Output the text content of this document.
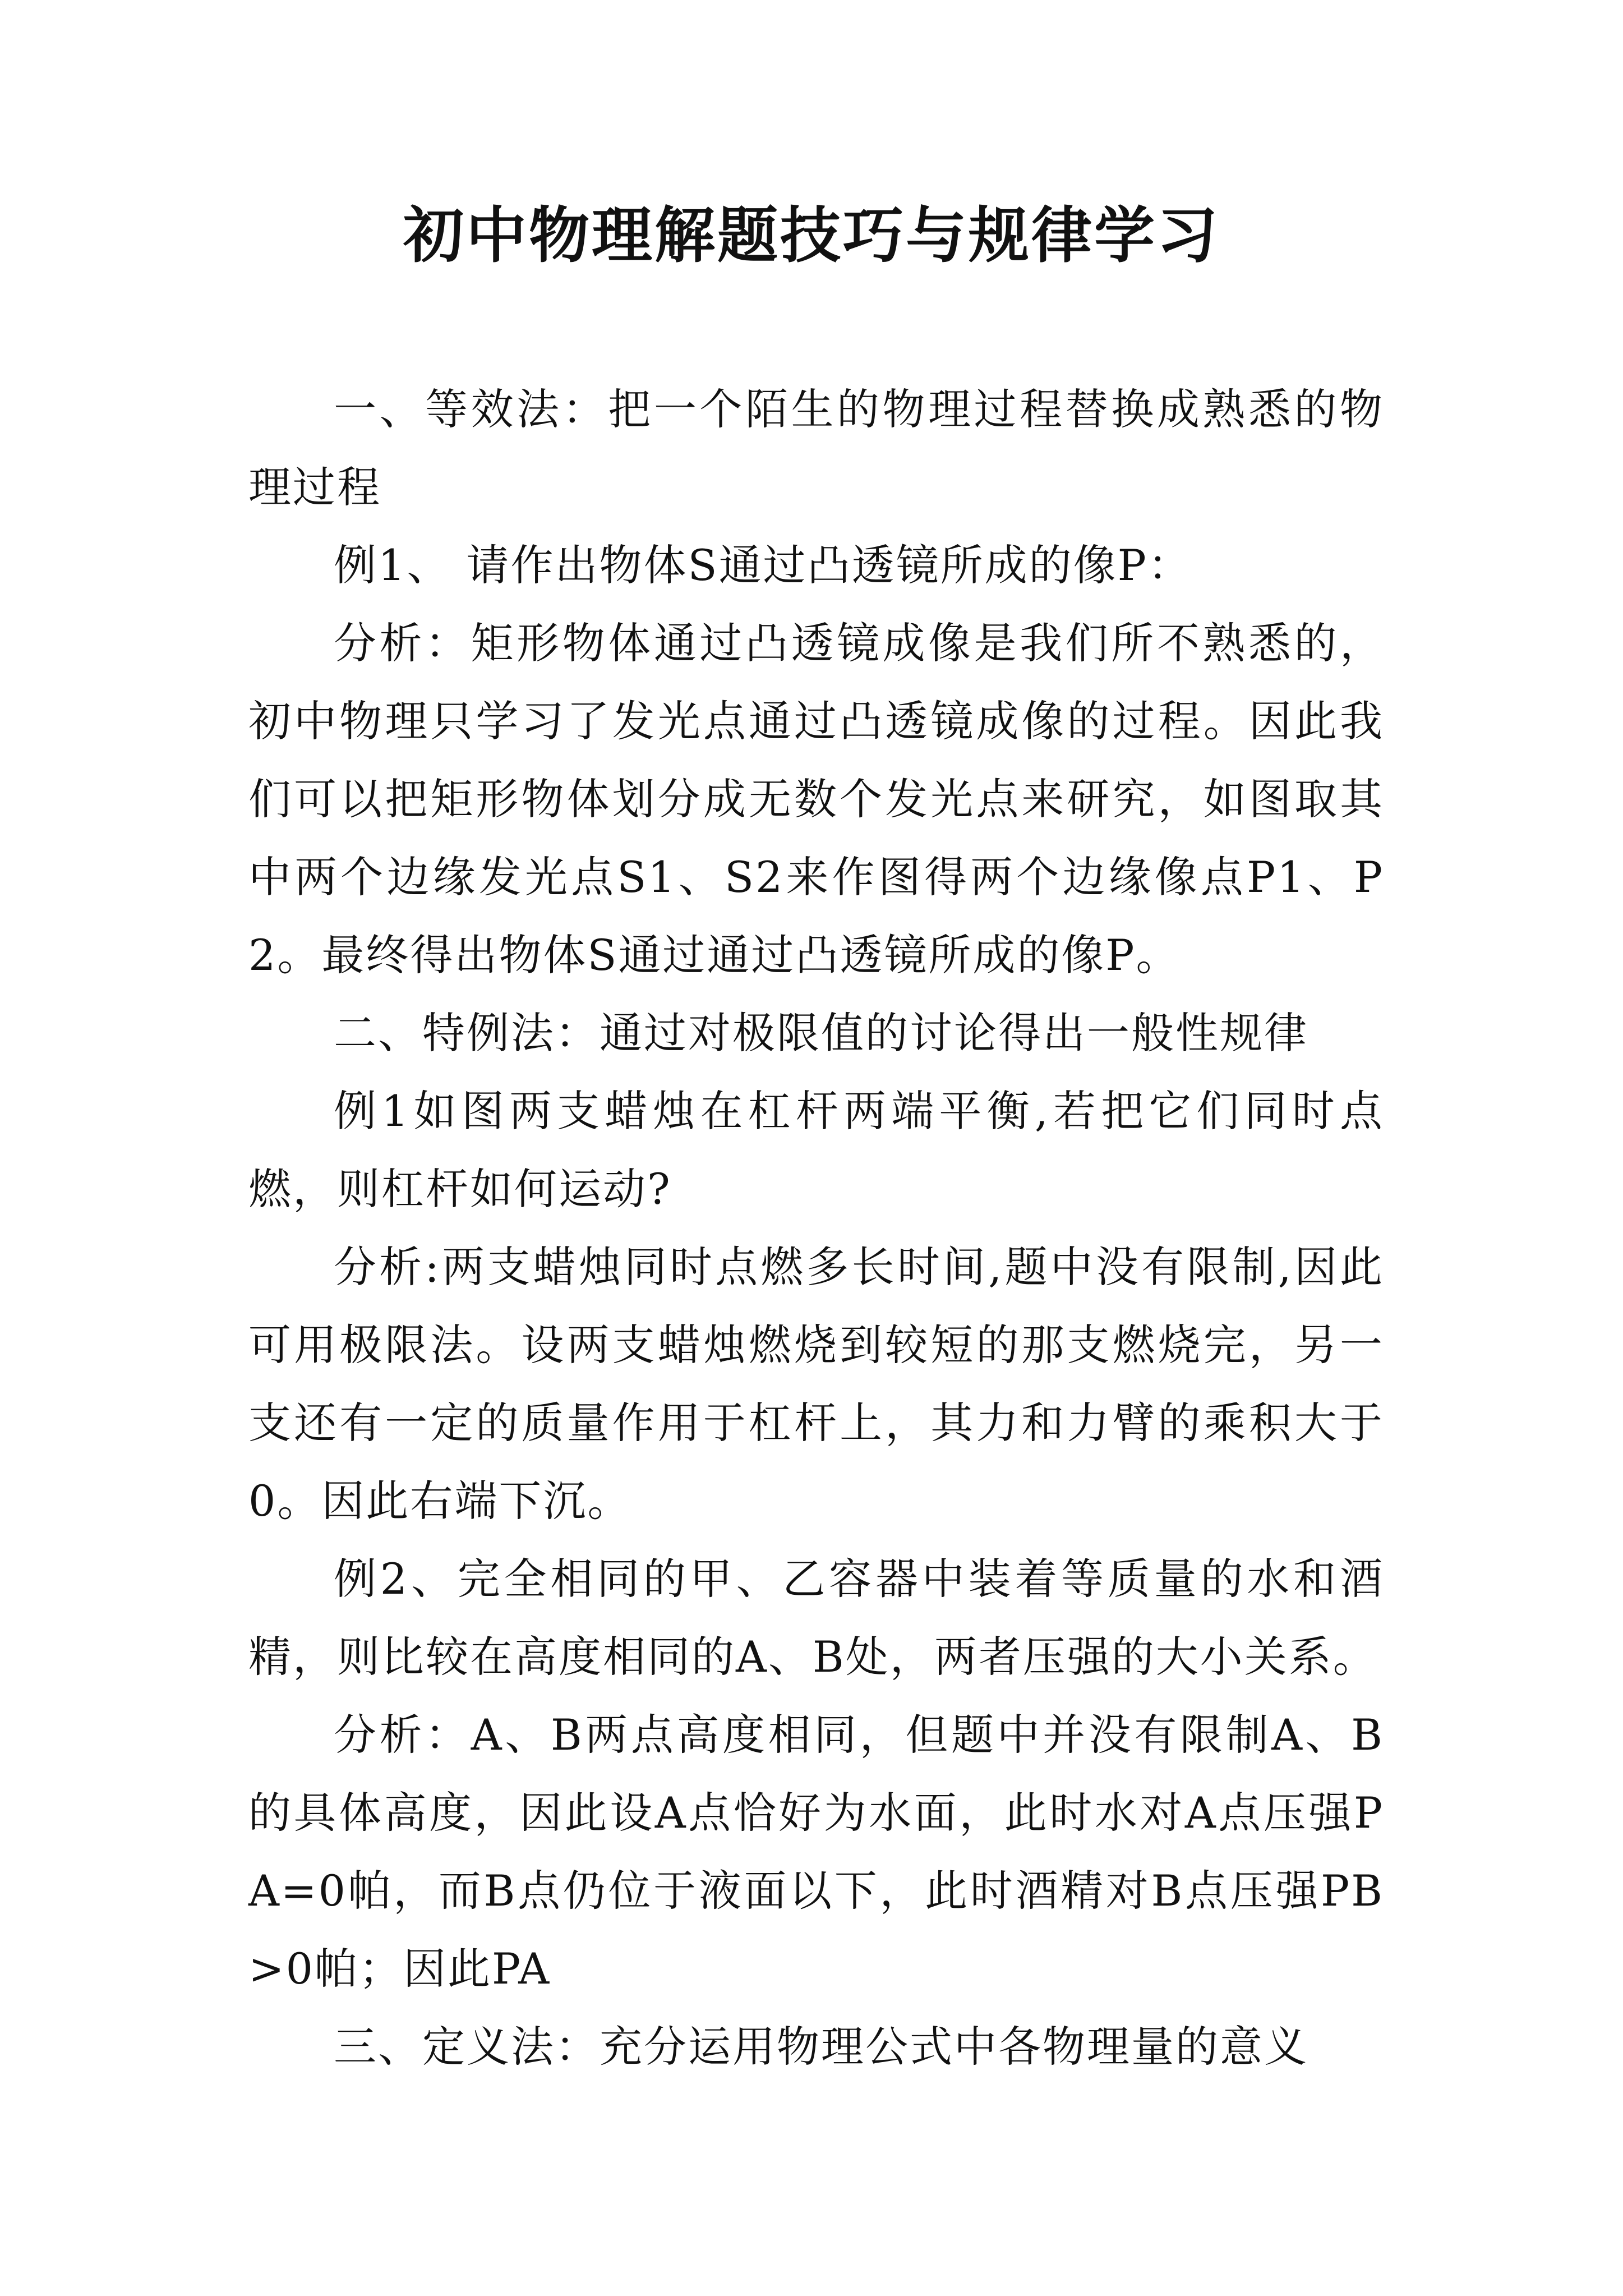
初中物理解题技巧与规律学习

一、等效法：把一个陌生的物理过程替换成熟悉的物理过程

例1、 请作出物体S通过凸透镜所成的像P：

分析：矩形物体通过凸透镜成像是我们所不熟悉的，初中物理只学习了发光点通过凸透镜成像的过程。因此我们可以把矩形物体划分成无数个发光点来研究，如图取其中两个边缘发光点S1、S2来作图得两个边缘像点P1、P2。最终得出物体S通过通过凸透镜所成的像P。

二、特例法：通过对极限值的讨论得出一般性规律

例1如图两支蜡烛在杠杆两端平衡,若把它们同时点燃，则杠杆如何运动?

分析:两支蜡烛同时点燃多长时间,题中没有限制,因此可用极限法。设两支蜡烛燃烧到较短的那支燃烧完，另一支还有一定的质量作用于杠杆上，其力和力臂的乘积大于0。因此右端下沉。

例2、完全相同的甲、乙容器中装着等质量的水和酒精，则比较在高度相同的A、B处，两者压强的大小关系。

分析：A、B两点高度相同，但题中并没有限制A、B的具体高度，因此设A点恰好为水面，此时水对A点压强PA=0帕，而B点仍位于液面以下，此时酒精对B点压强PB>0帕；因此PA

三、定义法：充分运用物理公式中各物理量的意义
